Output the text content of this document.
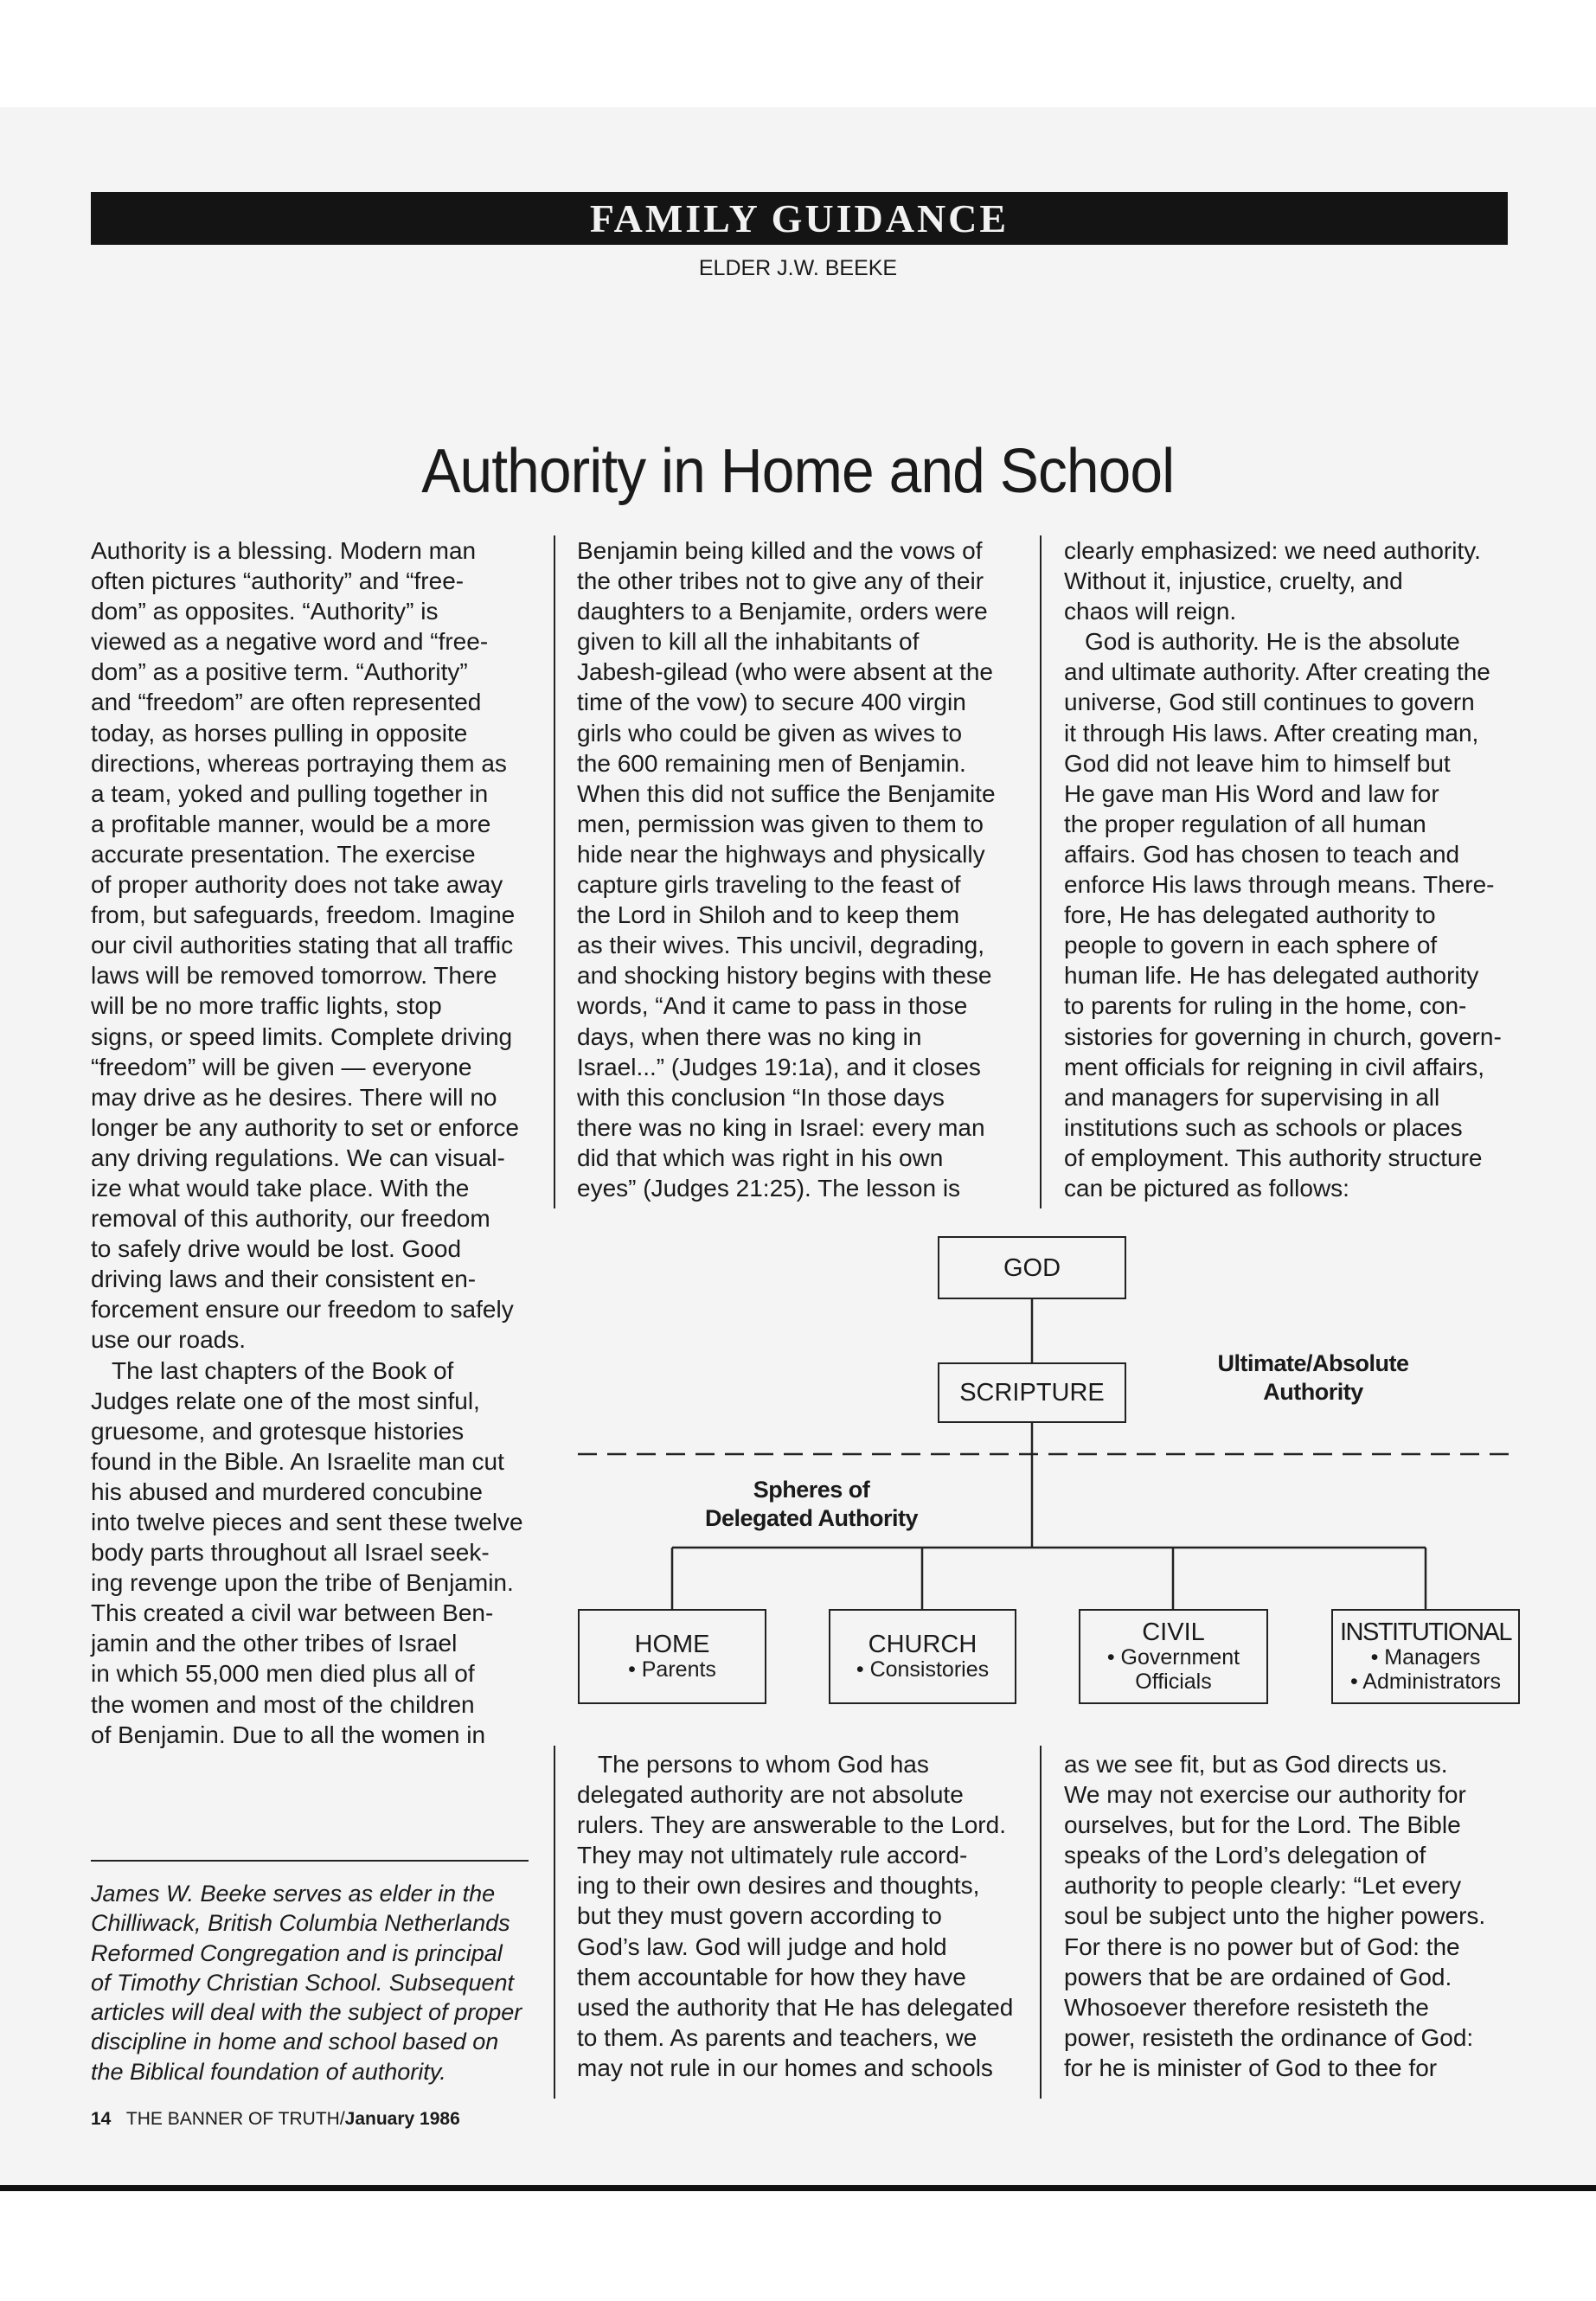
FAMILY GUIDANCE
ELDER J.W. BEEKE
Authority in Home and School
Authority is a blessing. Modern man
often pictures “authority” and “free-
dom” as opposites. “Authority” is
viewed as a negative word and “free-
dom” as a positive term. “Authority”
and “freedom” are often represented
today, as horses pulling in opposite
directions, whereas portraying them as
a team, yoked and pulling together in
a profitable manner, would be a more
accurate presentation. The exercise
of proper authority does not take away
from, but safeguards, freedom. Imagine
our civil authorities stating that all traffic
laws will be removed tomorrow. There
will be no more traffic lights, stop
signs, or speed limits. Complete driving
“freedom” will be given — everyone
may drive as he desires. There will no
longer be any authority to set or enforce
any driving regulations. We can visual-
ize what would take place. With the
removal of this authority, our freedom
to safely drive would be lost. Good
driving laws and their consistent en-
forcement ensure our freedom to safely
use our roads.
The last chapters of the Book of
Judges relate one of the most sinful,
gruesome, and grotesque histories
found in the Bible. An Israelite man cut
his abused and murdered concubine
into twelve pieces and sent these twelve
body parts throughout all Israel seek-
ing revenge upon the tribe of Benjamin.
This created a civil war between Ben-
jamin and the other tribes of Israel
in which 55,000 men died plus all of
the women and most of the children
of Benjamin. Due to all the women in
Benjamin being killed and the vows of
the other tribes not to give any of their
daughters to a Benjamite, orders were
given to kill all the inhabitants of
Jabesh-gilead (who were absent at the
time of the vow) to secure 400 virgin
girls who could be given as wives to
the 600 remaining men of Benjamin.
When this did not suffice the Benjamite
men, permission was given to them to
hide near the highways and physically
capture girls traveling to the feast of
the Lord in Shiloh and to keep them
as their wives. This uncivil, degrading,
and shocking history begins with these
words, “And it came to pass in those
days, when there was no king in
Israel...” (Judges 19:1a), and it closes
with this conclusion “In those days
there was no king in Israel: every man
did that which was right in his own
eyes” (Judges 21:25). The lesson is
clearly emphasized: we need authority.
Without it, injustice, cruelty, and
chaos will reign.
God is authority. He is the absolute
and ultimate authority. After creating the
universe, God still continues to govern
it through His laws. After creating man,
God did not leave him to himself but
He gave man His Word and law for
the proper regulation of all human
affairs. God has chosen to teach and
enforce His laws through means. There-
fore, He has delegated authority to
people to govern in each sphere of
human life. He has delegated authority
to parents for ruling in the home, con-
sistories for governing in church, govern-
ment officials for reigning in civil affairs,
and managers for supervising in all
institutions such as schools or places
of employment. This authority structure
can be pictured as follows:
The persons to whom God has
delegated authority are not absolute
rulers. They are answerable to the Lord.
They may not ultimately rule accord-
ing to their own desires and thoughts,
but they must govern according to
God’s law. God will judge and hold
them accountable for how they have
used the authority that He has delegated
to them. As parents and teachers, we
may not rule in our homes and schools
as we see fit, but as God directs us.
We may not exercise our authority for
ourselves, but for the Lord. The Bible
speaks of the Lord’s delegation of
authority to people clearly: “Let every
soul be subject unto the higher powers.
For there is no power but of God: the
powers that be are ordained of God.
Whosoever therefore resisteth the
power, resisteth the ordinance of God:
for he is minister of God to thee for
GOD
SCRIPTURE
Ultimate/Absolute
Authority
Spheres of
Delegated Authority
HOME
• Parents
CHURCH
• Consistories
CIVIL
• Government
Officials
INSTITUTIONAL
• Managers
• Administrators
James W. Beeke serves as elder in the
Chilliwack, British Columbia Netherlands
Reformed Congregation and is principal
of Timothy Christian School. Subsequent
articles will deal with the subject of proper
discipline in home and school based on
the Biblical foundation of authority.
14 THE BANNER OF TRUTH/January 1986
